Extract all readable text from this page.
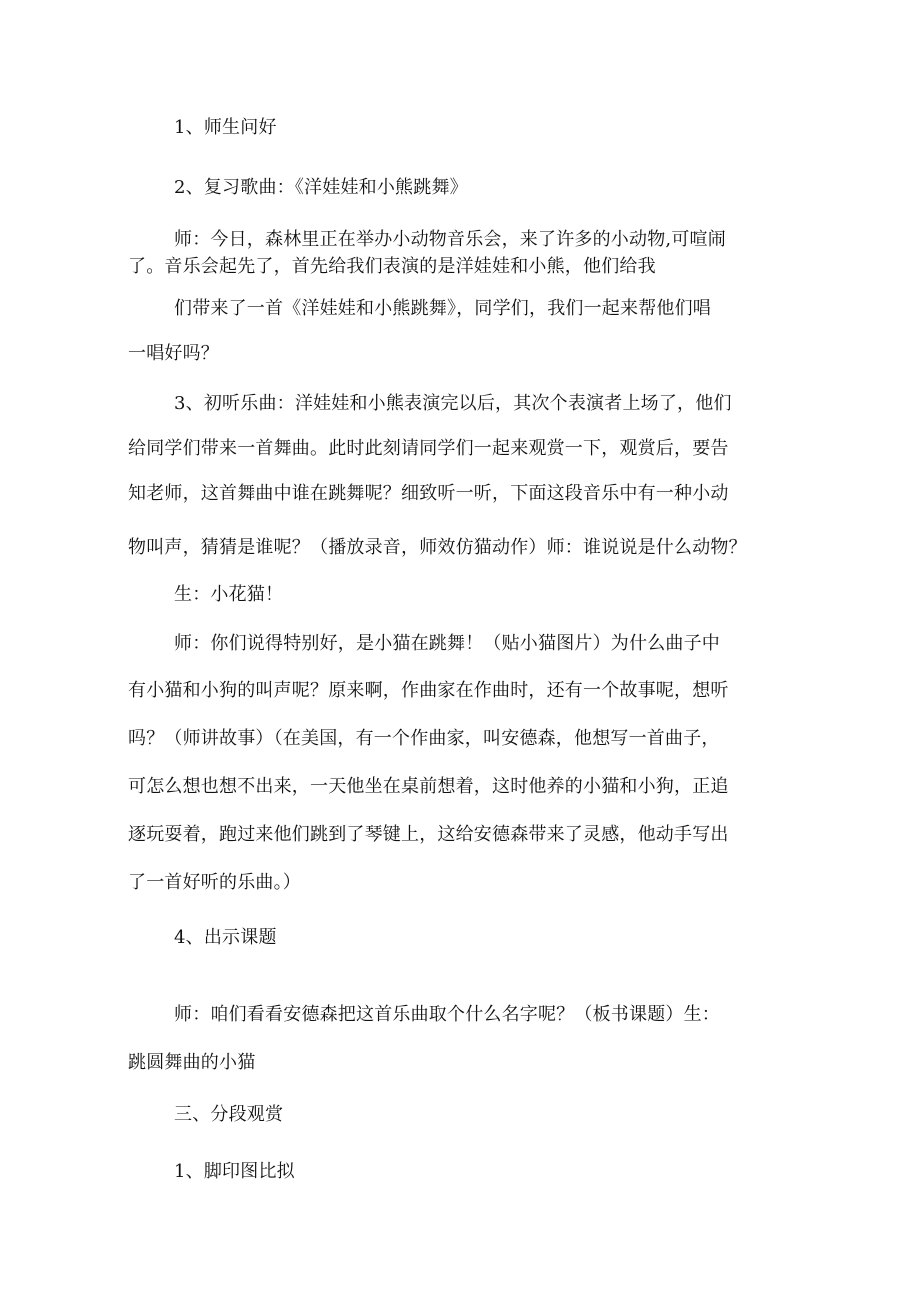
1、师生问好
2、复习歌曲：《洋娃娃和小熊跳舞》
师：今日，森林里正在举办小动物音乐会，来了许多的小动物,可喧闹
了。音乐会起先了，首先给我们表演的是洋娃娃和小熊，他们给我
们带来了一首《洋娃娃和小熊跳舞》，同学们，我们一起来帮他们唱
一唱好吗？
3、初听乐曲：洋娃娃和小熊表演完以后，其次个表演者上场了，他们
给同学们带来一首舞曲。此时此刻请同学们一起来观赏一下，观赏后，要告
知老师，这首舞曲中谁在跳舞呢？细致听一听，下面这段音乐中有一种小动
物叫声，猜猜是谁呢？（播放录音，师效仿猫动作）师：谁说说是什么动物？
生：小花猫！
师：你们说得特别好，是小猫在跳舞！（贴小猫图片）为什么曲子中
有小猫和小狗的叫声呢？原来啊，作曲家在作曲时，还有一个故事呢，想听
吗？（师讲故事）（在美国，有一个作曲家，叫安德森，他想写一首曲子，
可怎么想也想不出来，一天他坐在桌前想着，这时他养的小猫和小狗，正追
逐玩耍着，跑过来他们跳到了琴键上，这给安德森带来了灵感，他动手写出
了一首好听的乐曲。）
4、出示课题
师：咱们看看安德森把这首乐曲取个什么名字呢？（板书课题）生：
跳圆舞曲的小猫
三、分段观赏
1、脚印图比拟
